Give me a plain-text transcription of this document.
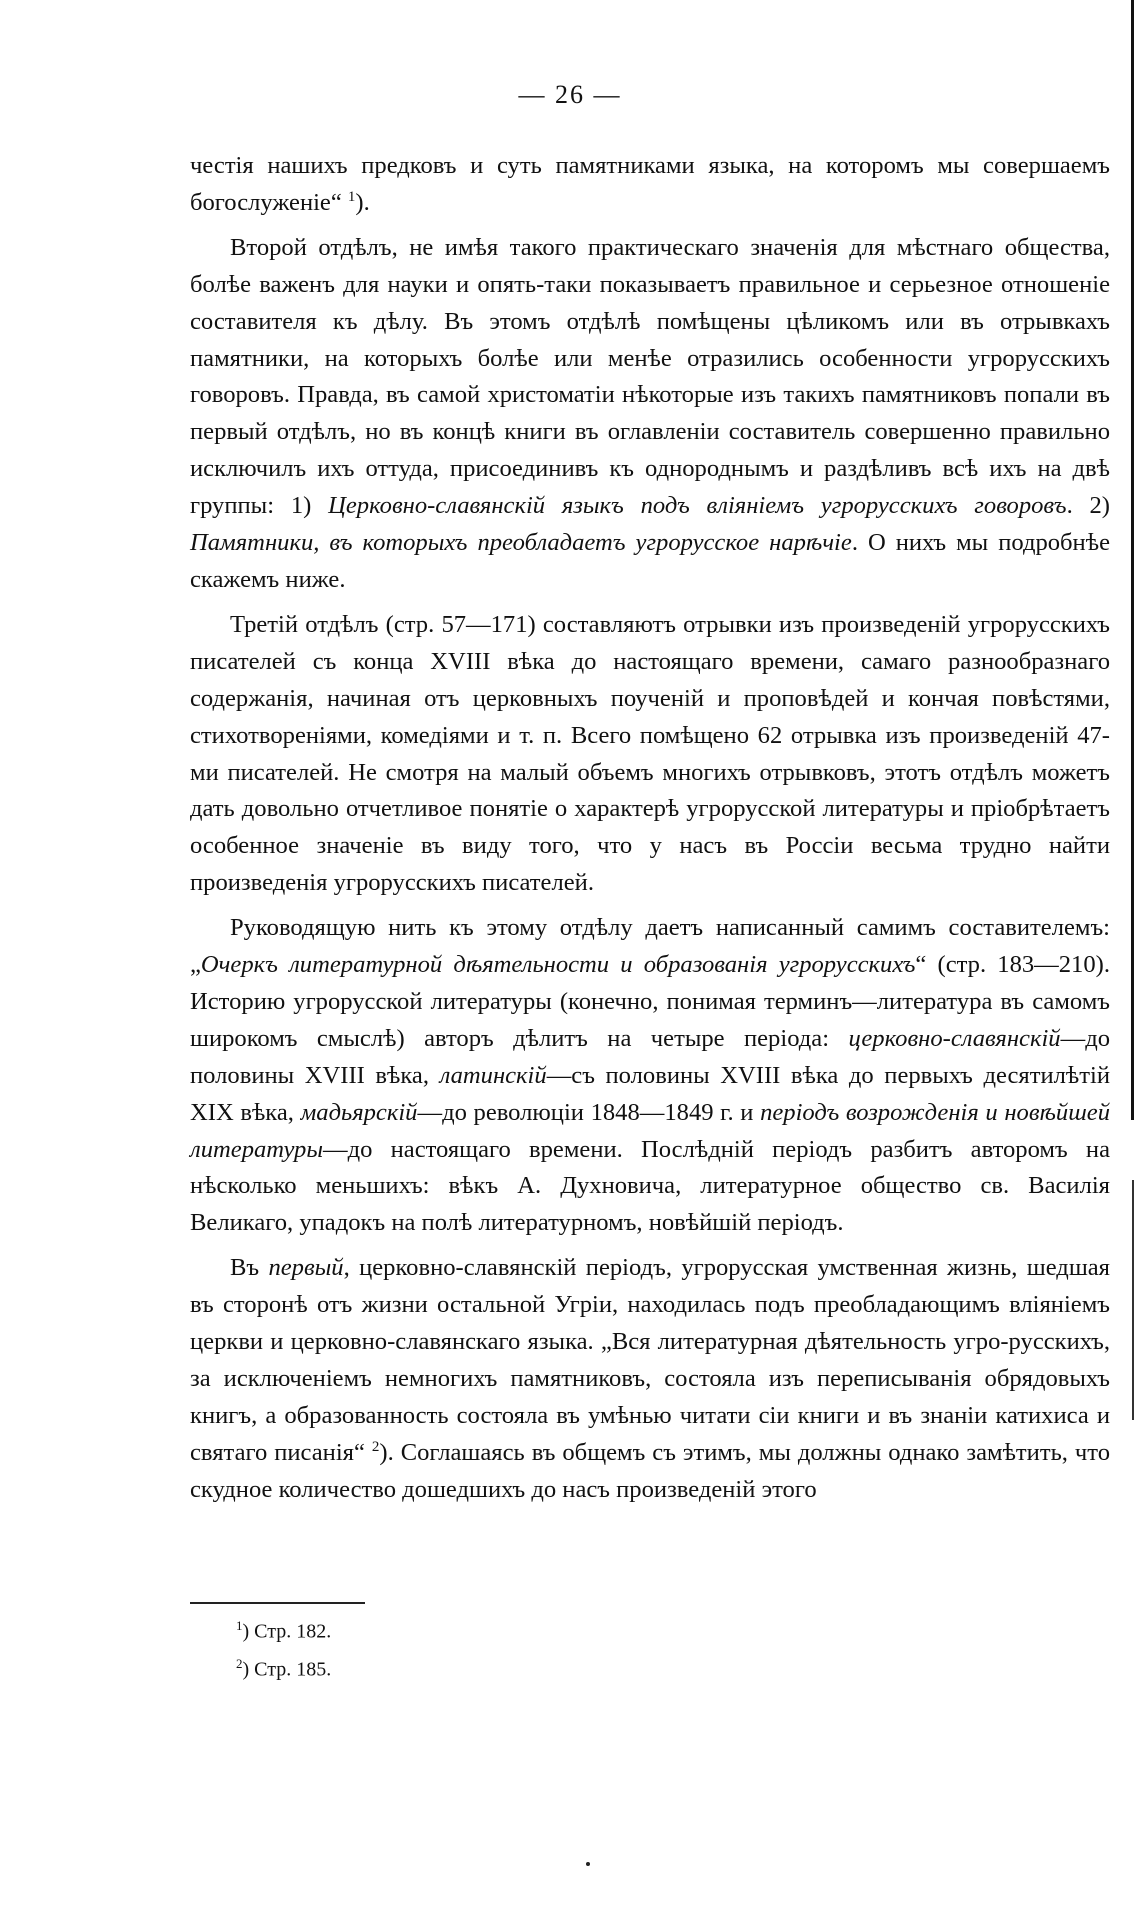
— 26 —

честія нашихъ предковъ и суть памятниками языка, на которомъ мы совершаемъ богослуженіе“ $^1$).

Второй отдѣлъ, не имѣя такого практическаго значенія для мѣстнаго общества, болѣе важенъ для науки и опять-таки показываетъ правильное и серьезное отношеніе составителя къ дѣлу. Въ этомъ отдѣлѣ помѣщены цѣликомъ или въ отрывкахъ памятники, на которыхъ болѣе или менѣе отразились особенности угрорусскихъ говоровъ. Правда, въ самой христоматіи нѣкоторые изъ такихъ памятниковъ попали въ первый отдѣлъ, но въ концѣ книги въ оглавленіи составитель совершенно правильно исключилъ ихъ оттуда, присоединивъ къ однороднымъ и раздѣливъ всѣ ихъ на двѣ группы: 1) Церковно-славянскій языкъ подъ вліяніемъ угрорусскихъ говоровъ. 2) Памятники, въ которыхъ преобладаетъ угрорусское нарѣчіе. О нихъ мы подробнѣе скажемъ ниже.

Третій отдѣлъ (стр. 57—171) составляютъ отрывки изъ произведеній угрорусскихъ писателей съ конца XVIII вѣка до настоящаго времени, самаго разнообразнаго содержанія, начиная отъ церковныхъ поученій и проповѣдей и кончая повѣстями, стихотвореніями, комедіями и т. п. Всего помѣщено 62 отрывка изъ произведеній 47-ми писателей. Не смотря на малый объемъ многихъ отрывковъ, этотъ отдѣлъ можетъ дать довольно отчетливое понятіе о характерѣ угрорусской литературы и пріобрѣтаетъ особенное значеніе въ виду того, что у насъ въ Россіи весьма трудно найти произведенія угрорусскихъ писателей.

Руководящую нить къ этому отдѣлу даетъ написанный самимъ составителемъ: „Очеркъ литературной дѣятельности и образованія угрорусскихъ“ (стр. 183—210). Историю угрорусской литературы (конечно, понимая терминъ—литература въ самомъ широкомъ смыслѣ) авторъ дѣлитъ на четыре періода: церковно-славянскій—до половины XVIII вѣка, латинскій—съ половины XVIII вѣка до первыхъ десятилѣтій XIX вѣка, мадьярскій—до революціи 1848—1849 г. и періодъ возрожденія и новѣйшей литературы—до настоящаго времени. Послѣдній періодъ разбитъ авторомъ на нѣсколько меньшихъ: вѣкъ А. Духновича, литературное общество св. Василія Великаго, упадокъ на полѣ литературномъ, новѣйшій періодъ.

Въ первый, церковно-славянскій періодъ, угрорусская умственная жизнь, шедшая въ сторонѣ отъ жизни остальной Угріи, находилась подъ преобладающимъ вліяніемъ церкви и церковно-славянскаго языка. „Вся литературная дѣятельность угро-русскихъ, за исключеніемъ немногихъ памятниковъ, состояла изъ переписыванія обрядовыхъ книгъ, а образованность состояла въ умѣнью читати сіи книги и въ знаніи катихиса и святаго писанія“ $^2$). Соглашаясь въ общемъ съ этимъ, мы должны однако замѣтить, что скудное количество дошедшихъ до насъ произведеній этого

$^1$) Стр. 182.
$^2$) Стр. 185.
